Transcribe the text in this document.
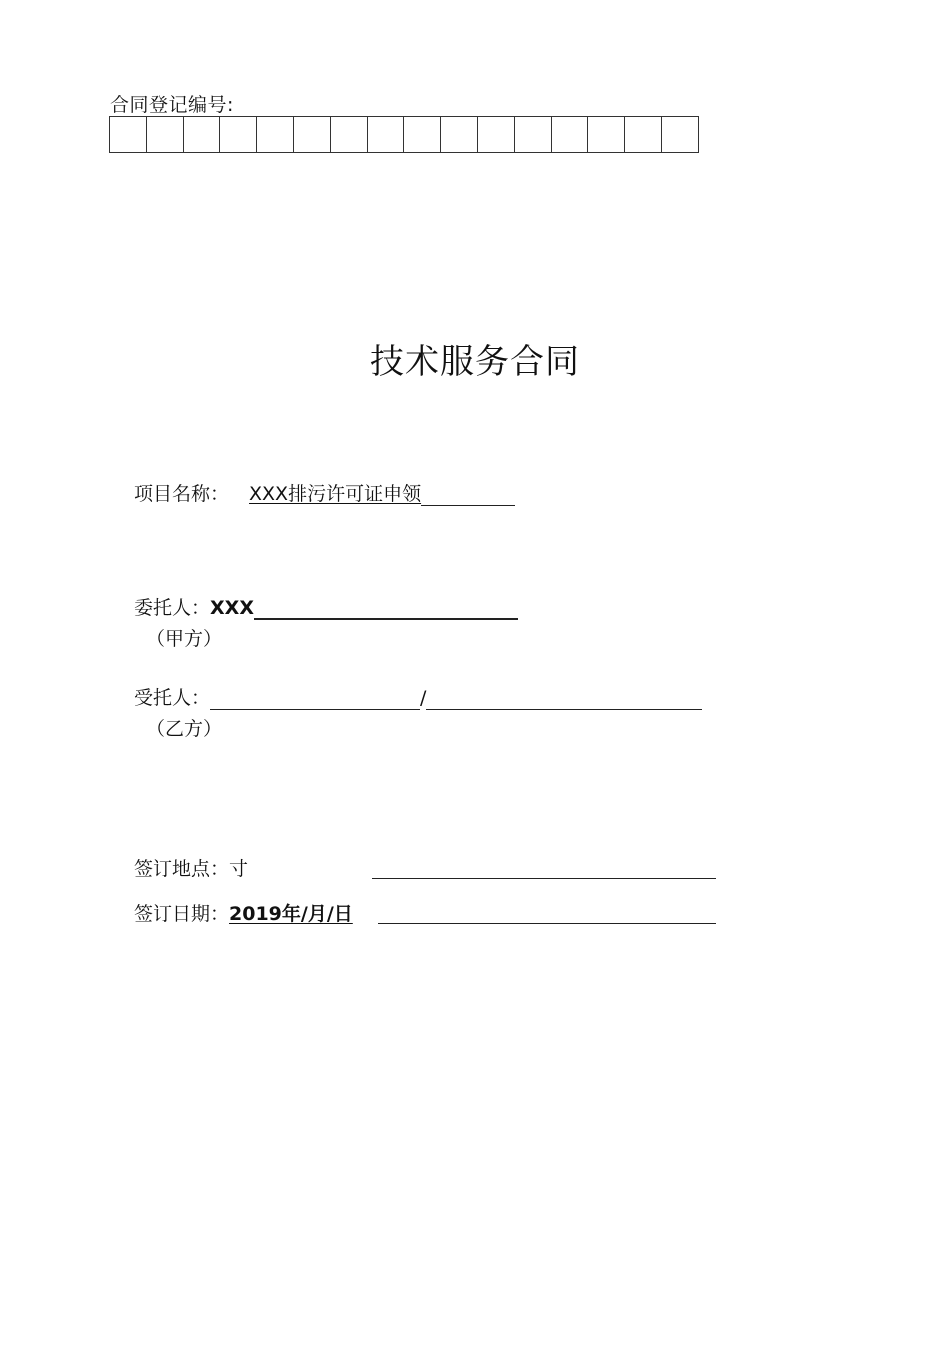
合同登记编号:
技术服务合同
项目名称： XXX排污许可证申领
委托人：XXX
（甲方）
受托人：	/
（乙方）
签订地点：寸
签订日期：2019年/月/日
